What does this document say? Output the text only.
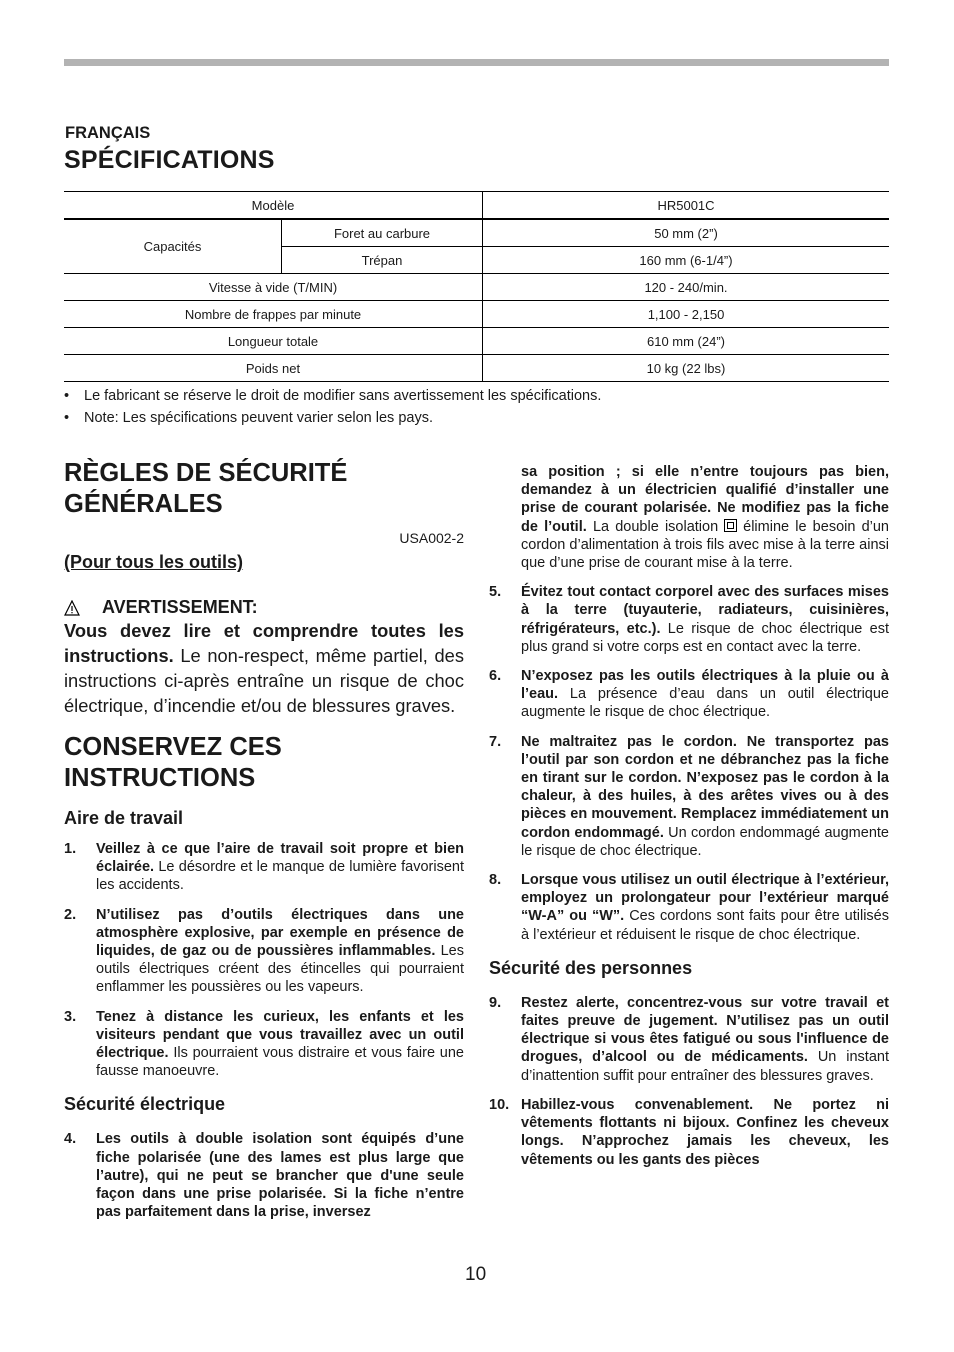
FRANÇAIS
SPÉCIFICATIONS
Modèle		HR5001C
Capacités	Foret au carbure	50 mm (2”)
	Trépan	160 mm (6-1/4”)
Vitesse à vide (T/MIN)		120 - 240/min.
Nombre de frappes par minute		1,100 - 2,150
Longueur totale		610 mm (24”)
Poids net		10 kg (22 lbs)
• Le fabricant se réserve le droit de modifier sans avertissement les spécifications.
• Note: Les spécifications peuvent varier selon les pays.
RÈGLES DE SÉCURITÉ
GÉNÉRALES
USA002-2
(Pour tous les outils)
AVERTISSEMENT:
Vous devez lire et comprendre toutes les instructions. Le non-respect, même partiel, des instructions ci-après entraîne un risque de choc électrique, d’incendie et/ou de blessures graves.
CONSERVEZ CES
INSTRUCTIONS
Aire de travail
1.	Veillez à ce que l’aire de travail soit propre et bien éclairée. Le désordre et le manque de lumière favorisent les accidents.
2.	N’utilisez pas d’outils électriques dans une atmosphère explosive, par exemple en présence de liquides, de gaz ou de poussières inflammables. Les outils électriques créent des étincelles qui pourraient enflammer les poussières ou les vapeurs.
3.	Tenez à distance les curieux, les enfants et les visiteurs pendant que vous travaillez avec un outil électrique. Ils pourraient vous distraire et vous faire une fausse manoeuvre.
Sécurité électrique
4.	Les outils à double isolation sont équipés d’une fiche polarisée (une des lames est plus large que l’autre), qui ne peut se brancher que d'une seule façon dans une prise polarisée. Si la fiche n’entre pas parfaitement dans la prise, inversez
sa position ; si elle n’entre toujours pas bien, demandez à un électricien qualifié d’installer une prise de courant polarisée. Ne modifiez pas la fiche de l’outil. La double isolation élimine le besoin d’un cordon d’alimentation à trois fils avec mise à la terre ainsi que d’une prise de courant mise à la terre.
5.	Évitez tout contact corporel avec des surfaces mises à la terre (tuyauterie, radiateurs, cuisinières, réfrigérateurs, etc.). Le risque de choc électrique est plus grand si votre corps est en contact avec la terre.
6.	N’exposez pas les outils électriques à la pluie ou à l’eau. La présence d’eau dans un outil électrique augmente le risque de choc électrique.
7.	Ne maltraitez pas le cordon. Ne transportez pas l’outil par son cordon et ne débranchez pas la fiche en tirant sur le cordon. N’exposez pas le cordon à la chaleur, à des huiles, à des arêtes vives ou à des pièces en mouvement. Remplacez immédiatement un cordon endommagé. Un cordon endommagé augmente le risque de choc électrique.
8.	Lorsque vous utilisez un outil électrique à l’extérieur, employez un prolongateur pour l’extérieur marqué “W-A” ou “W”. Ces cordons sont faits pour être utilisés à l’extérieur et réduisent le risque de choc électrique.
Sécurité des personnes
9.	Restez alerte, concentrez-vous sur votre travail et faites preuve de jugement. N’utilisez pas un outil électrique si vous êtes fatigué ou sous l'influence de drogues, d’alcool ou de médicaments. Un instant d’inattention suffit pour entraîner des blessures graves.
10. Habillez-vous convenablement. Ne portez ni vêtements flottants ni bijoux. Confinez les cheveux longs. N’approchez jamais les cheveux, les vêtements ou les gants des pièces
10
